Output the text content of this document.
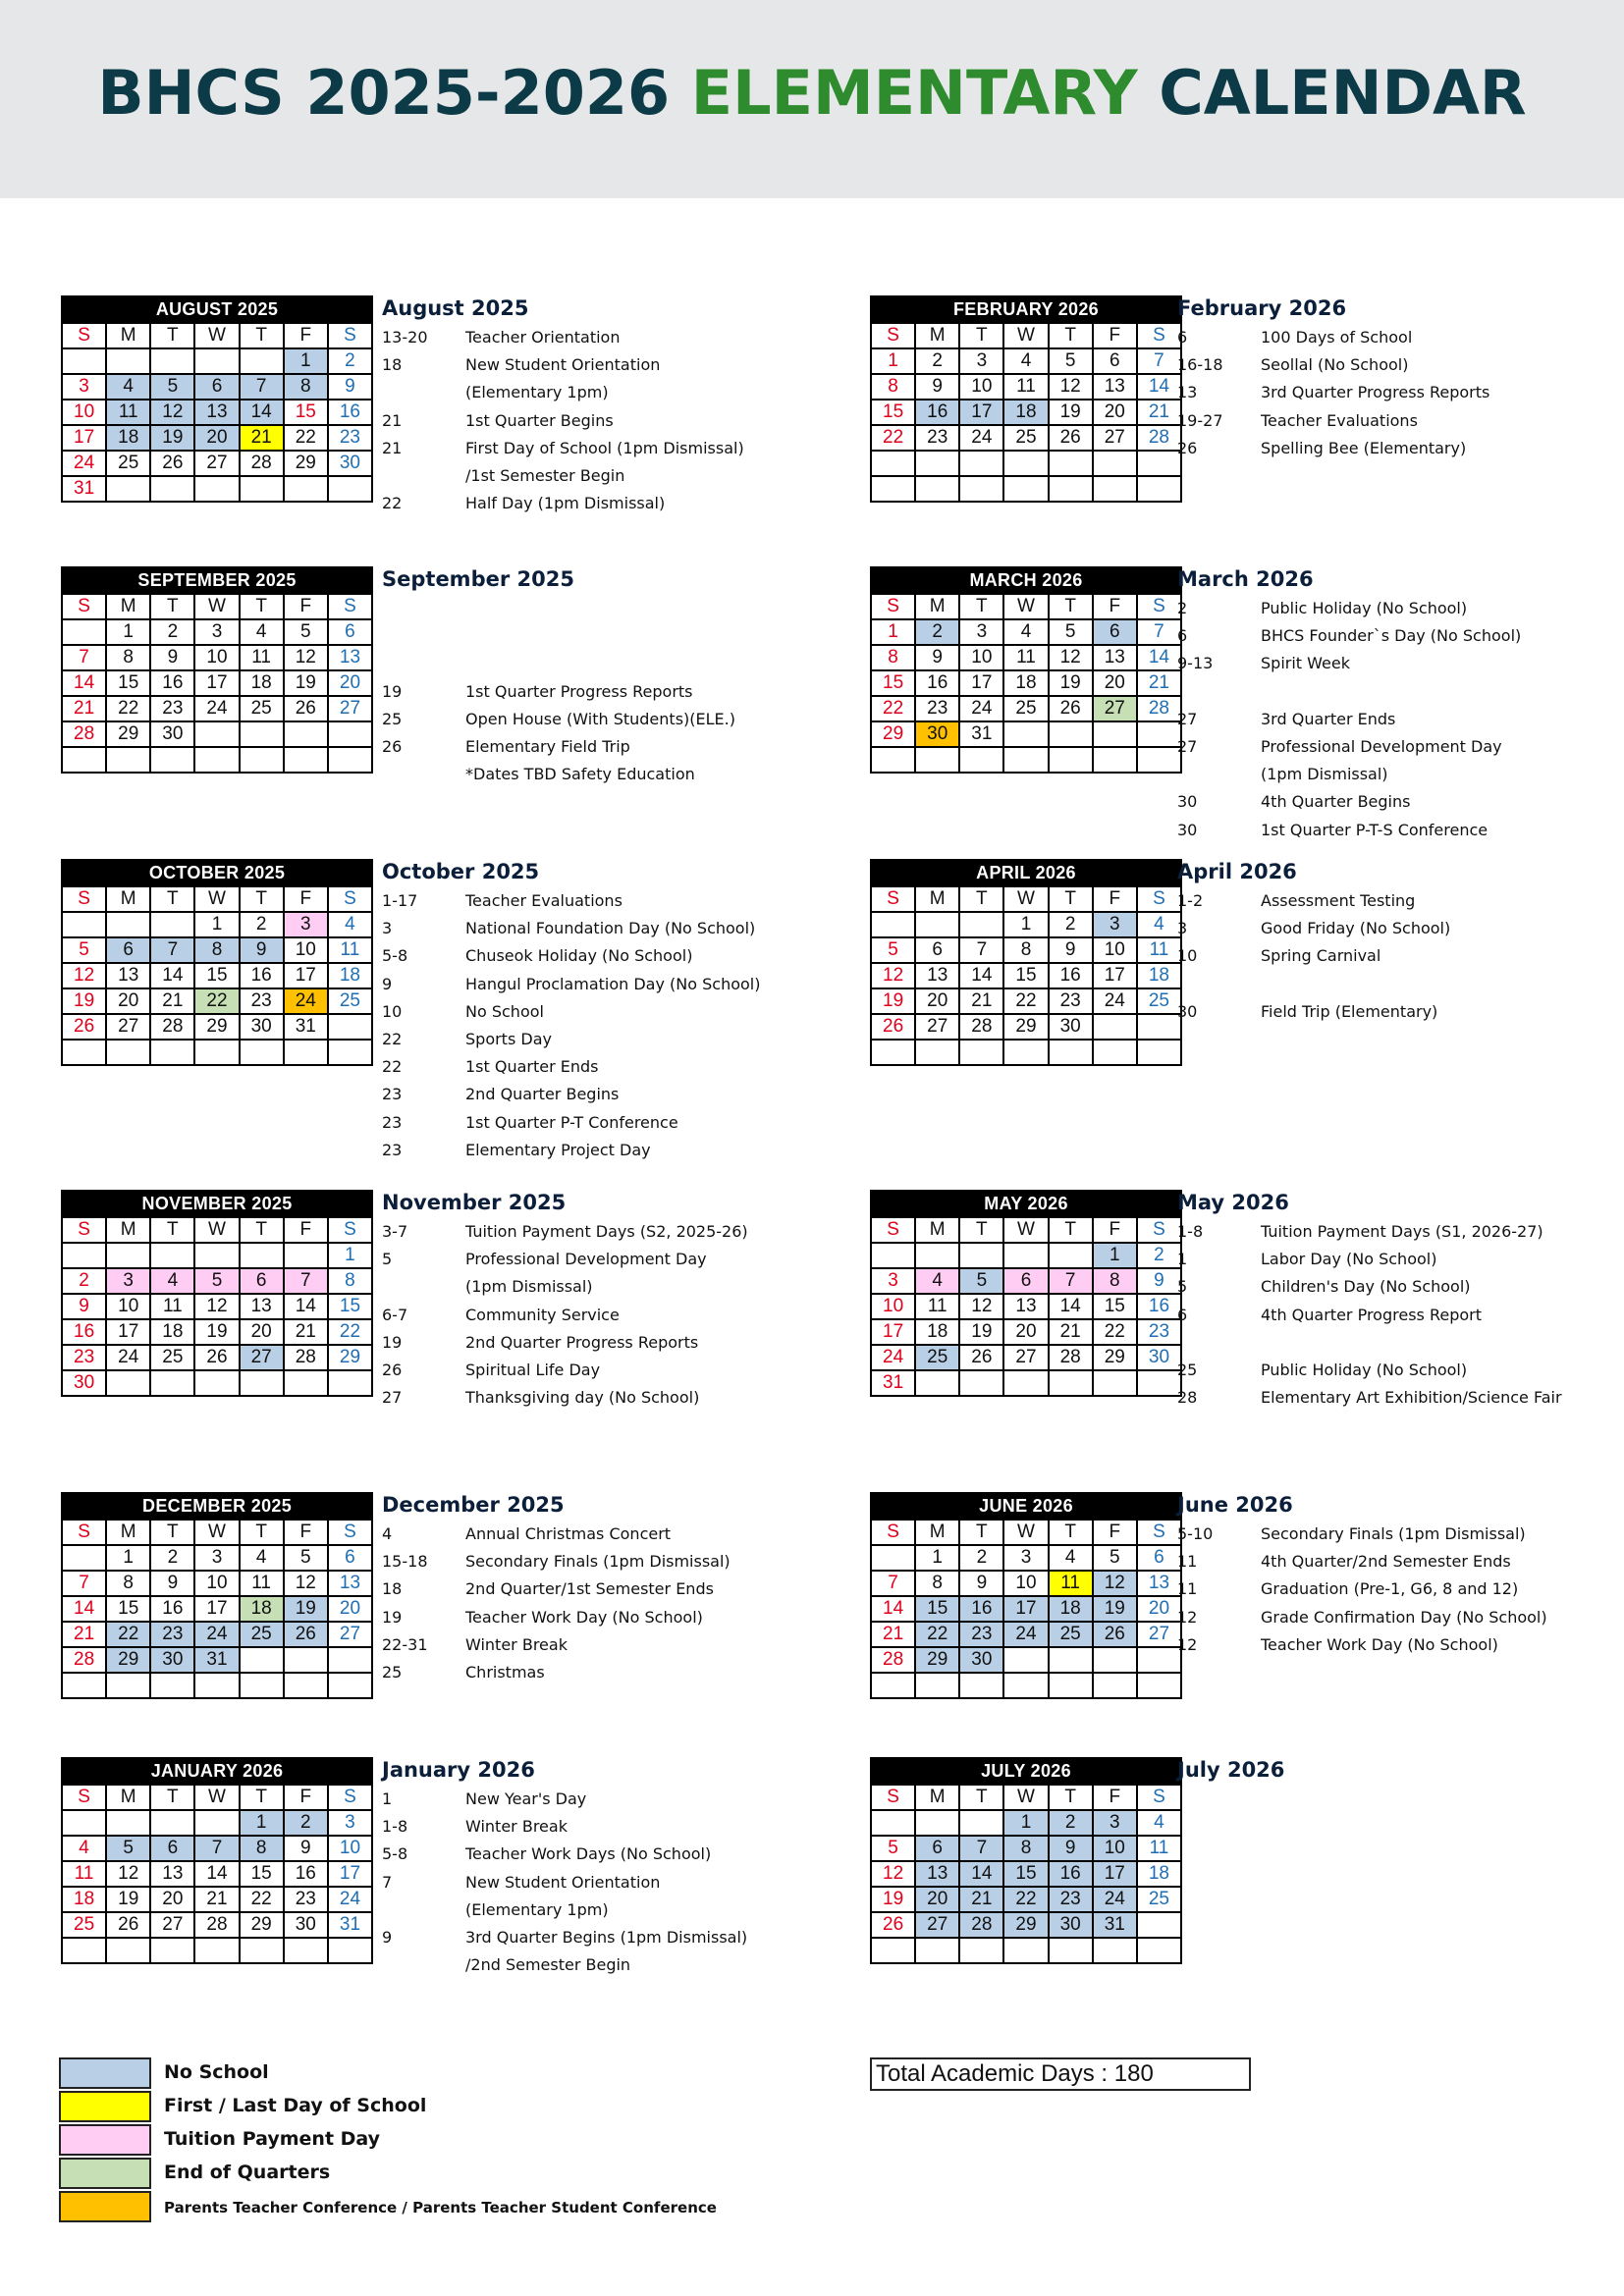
BHCS 2025-2026 ELEMENTARY CALENDAR
AUGUST 2025						
S	M	T	W	T	F	S
					1	2
3	4	5	6	7	8	9
10	11	12	13	14	15	16
17	18	19	20	21	22	23
24	25	26	27	28	29	30
31						
August 2025
13-20 Teacher Orientation
18	New Student Orientation
(Elementary 1pm)
21	1st Quarter Begins
21	First Day of School (1pm Dismissal)
/1st Semester Begin
22	Half Day (1pm Dismissal)
SEPTEMBER 2025						
S	M	T	W	T	F	S
	1	2	3	4	5	6
7	8	9	10	11	12	13
14	15	16	17	18	19	20
21	22	23	24	25	26	27
28	29	30				

September 2025
19	1st Quarter Progress Reports
25	Open House (With Students)(ELE.)
26	Elementary Field Trip
*Dates TBD Safety Education
OCTOBER 2025						
S	M	T	W	T	F	S
			1	2	3	4
5	6	7	8	9	10	11
12	13	14	15	16	17	18
19	20	21	22	23	24	25
26	27	28	29	30	31	

October 2025
1-17	Teacher Evaluations
3	National Foundation Day (No School)
5-8	Chuseok Holiday (No School)
9	Hangul Proclamation Day (No School)
10	No School
22	Sports Day
22	1st Quarter Ends
23	2nd Quarter Begins
23	1st Quarter P-T Conference
23	Elementary Project Day
NOVEMBER 2025						
S	M	T	W	T	F	S
						1
2	3	4	5	6	7	8
9	10	11	12	13	14	15
16	17	18	19	20	21	22
23	24	25	26	27	28	29
30						
November 2025
3-7	Tuition Payment Days (S2, 2025-26)
5	Professional Development Day
(1pm Dismissal)
6-7	Community Service
19	2nd Quarter Progress Reports
26	Spiritual Life Day
27	Thanksgiving day (No School)
DECEMBER 2025						
S	M	T	W	T	F	S
	1	2	3	4	5	6
7	8	9	10	11	12	13
14	15	16	17	18	19	20
21	22	23	24	25	26	27
28	29	30	31			

December 2025
4	Annual Christmas Concert
15-18 Secondary Finals (1pm Dismissal)
18	2nd Quarter/1st Semester Ends
19	Teacher Work Day (No School)
22-31 Winter Break
25	Christmas
JANUARY 2026						
S	M	T	W	T	F	S
				1	2	3
4	5	6	7	8	9	10
11	12	13	14	15	16	17
18	19	20	21	22	23	24
25	26	27	28	29	30	31

January 2026
1	New Year's Day
1-8	Winter Break
5-8	Teacher Work Days (No School)
7	New Student Orientation
(Elementary 1pm)
9	3rd Quarter Begins (1pm Dismissal)
/2nd Semester Begin
FEBRUARY 2026						
S	M	T	W	T	F	S
1	2	3	4	5	6	7
8	9	10	11	12	13	14
15	16	17	18	19	20	21
22	23	24	25	26	27	28

February 2026
6	100 Days of School
16-18 Seollal (No School)
13	3rd Quarter Progress Reports
19-27 Teacher Evaluations
26	Spelling Bee (Elementary)
MARCH 2026						
S	M	T	W	T	F	S
1	2	3	4	5	6	7
8	9	10	11	12	13	14
15	16	17	18	19	20	21
22	23	24	25	26	27	28
29	30	31				

March 2026
2	Public Holiday (No School)
6	BHCS Founder`s Day (No School)
9-13	Spirit Week
27	3rd Quarter Ends
27	Professional Development Day
(1pm Dismissal)
30	4th Quarter Begins
30	1st Quarter P-T-S Conference
APRIL 2026						
S	M	T	W	T	F	S
			1	2	3	4
5	6	7	8	9	10	11
12	13	14	15	16	17	18
19	20	21	22	23	24	25
26	27	28	29	30		

April 2026
1-2	Assessment Testing
3	Good Friday (No School)
10	Spring Carnival
30	Field Trip (Elementary)
MAY 2026						
S	M	T	W	T	F	S
					1	2
3	4	5	6	7	8	9
10	11	12	13	14	15	16
17	18	19	20	21	22	23
24	25	26	27	28	29	30
31						
May 2026
1-8	Tuition Payment Days (S1, 2026-27)
1	Labor Day (No School)
5	Children's Day (No School)
6	4th Quarter Progress Report
25	Public Holiday (No School)
28	Elementary Art Exhibition/Science Fair
JUNE 2026						
S	M	T	W	T	F	S
	1	2	3	4	5	6
7	8	9	10	11	12	13
14	15	16	17	18	19	20
21	22	23	24	25	26	27
28	29	30				

June 2026
5-10	Secondary Finals (1pm Dismissal)
11	4th Quarter/2nd Semester Ends
11	Graduation (Pre-1, G6, 8 and 12)
12	Grade Confirmation Day (No School)
12	Teacher Work Day (No School)
JULY 2026						
S	M	T	W	T	F	S
			1	2	3	4
5	6	7	8	9	10	11
12	13	14	15	16	17	18
19	20	21	22	23	24	25
26	27	28	29	30	31	

July 2026
No School
First / Last Day of School
Tuition Payment Day
End of Quarters
Parents Teacher Conference / Parents Teacher Student Conference
Total Academic Days : 180
